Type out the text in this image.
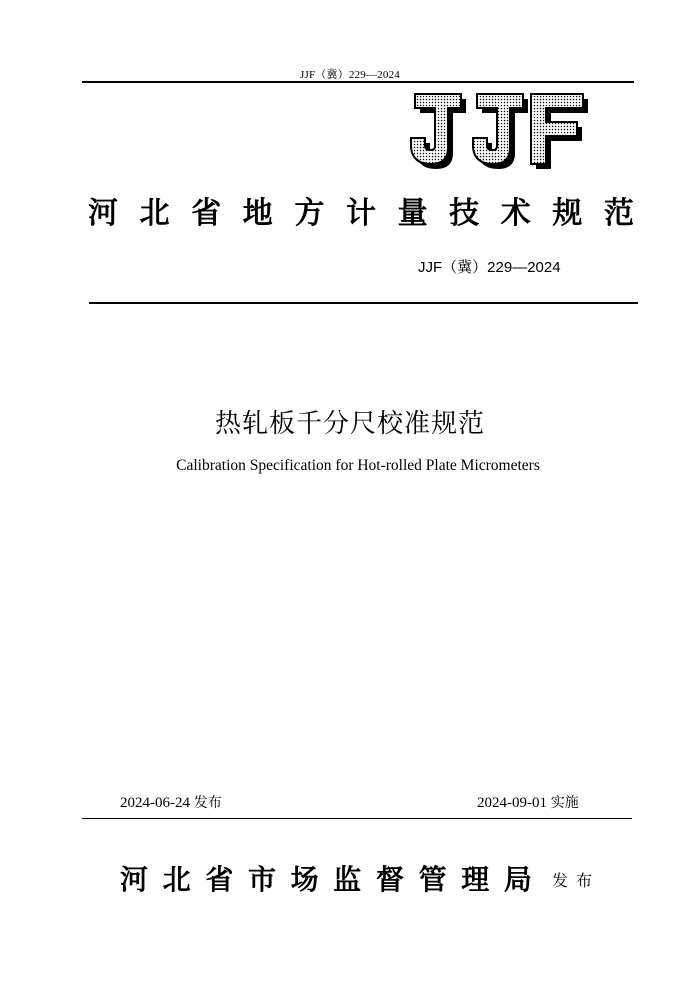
JJF（冀）229—2024
河 北 省 地 方 计 量 技 术 规 范
JJF（冀）229—2024
热轧板千分尺校准规范
Calibration Specification for Hot-rolled Plate Micrometers
2024-06-24 发布	2024-09-01 实施
河 北 省 市 场 监 督 管 理 局 发布
